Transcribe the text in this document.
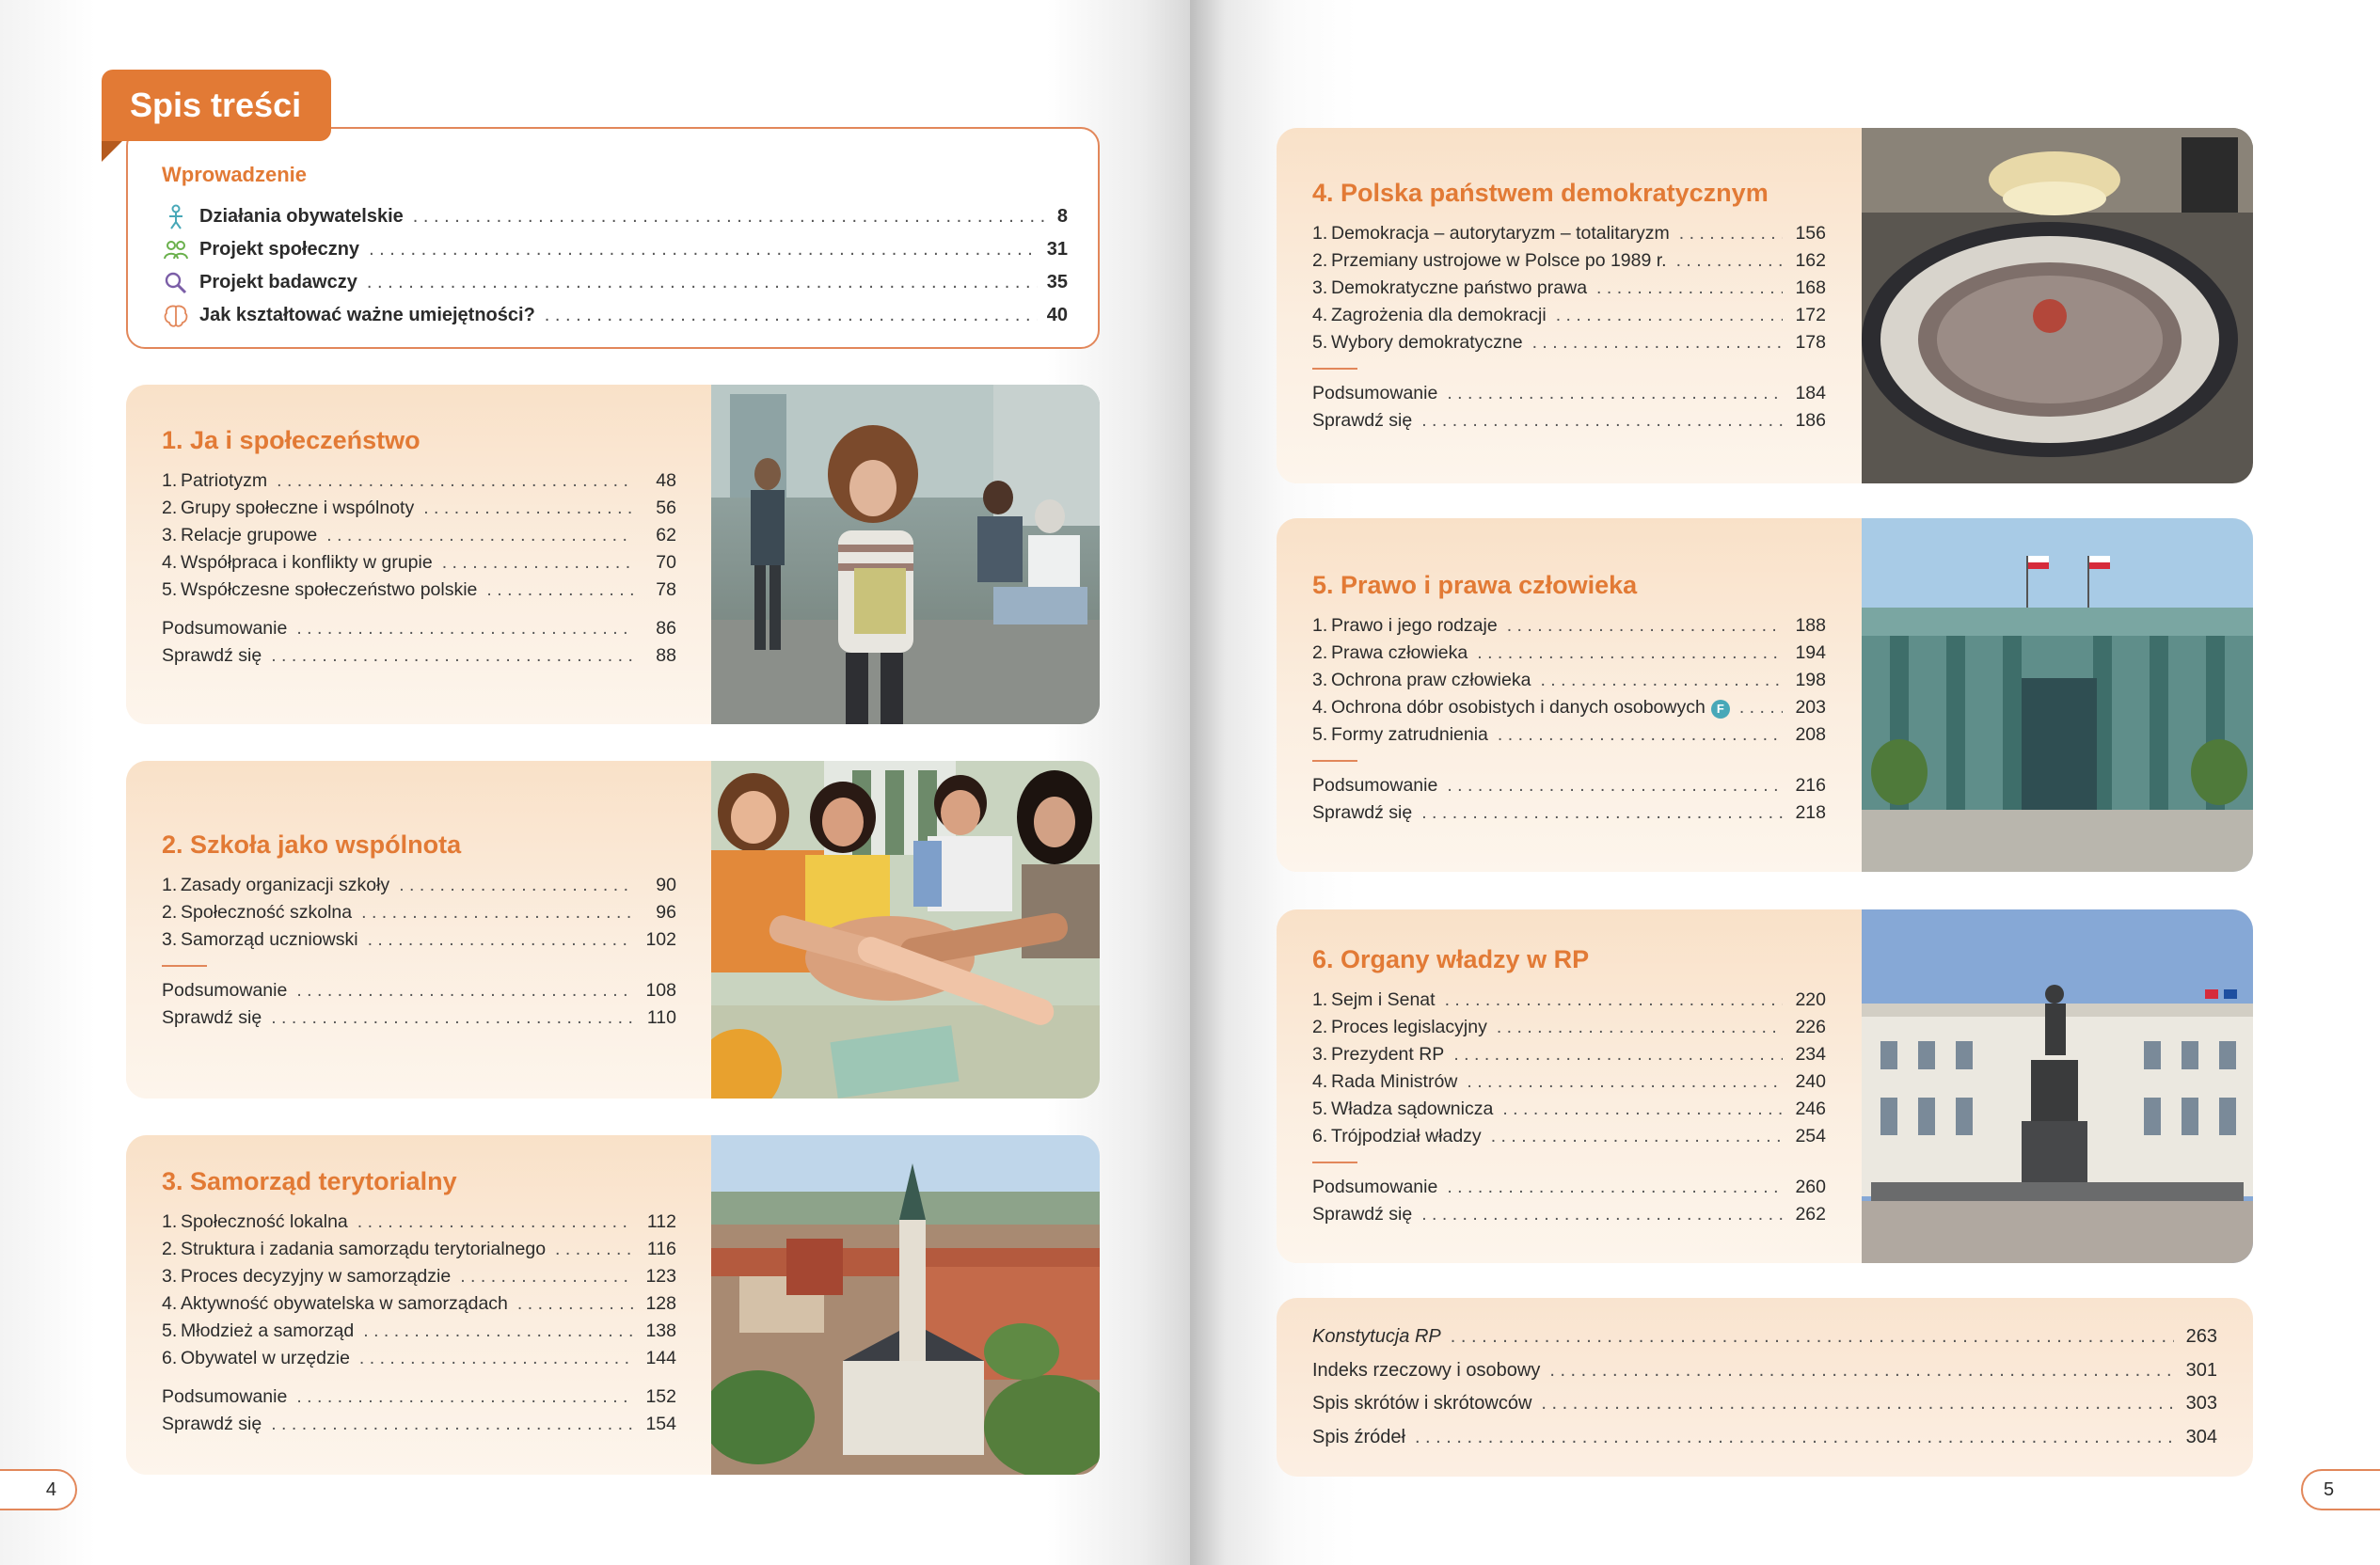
Spis treści
Wprowadzenie
Działania obywatelskie . . .	8
Projekt społeczny . . .	31
Projekt badawczy . . .	35
Jak kształtować ważne umiejętności? . . .	40
1. Ja i społeczeństwo
1. Patriotyzm . . .	48
2. Grupy społeczne i wspólnoty . . .	56
3. Relacje grupowe . . .	62
4. Współpraca i konflikty w grupie . . .	70
5. Współczesne społeczeństwo polskie . . .	78
Podsumowanie . . .	86
Sprawdź się . . .	88
2. Szkoła jako wspólnota
1. Zasady organizacji szkoły . . .	90
2. Społeczność szkolna . . .	96
3. Samorząd uczniowski . . .	102
Podsumowanie . . .	108
Sprawdź się . . .	110
3. Samorząd terytorialny
1. Społeczność lokalna . . .	112
2. Struktura i zadania samorządu terytorialnego . . .	116
3. Proces decyzyjny w samorządzie . . .	123
4. Aktywność obywatelska w samorządach . . .	128
5. Młodzież a samorząd . . .	138
6. Obywatel w urzędzie . . .	144
Podsumowanie . . .	152
Sprawdź się . . .	154
4. Polska państwem demokratycznym
1. Demokracja – autorytaryzm – totalitaryzm . . .	156
2. Przemiany ustrojowe w Polsce po 1989 r. . . .	162
3. Demokratyczne państwo prawa . . .	168
4. Zagrożenia dla demokracji . . .	172
5. Wybory demokratyczne . . .	178
Podsumowanie . . .	184
Sprawdź się . . .	186
5. Prawo i prawa człowieka
1. Prawo i jego rodzaje . . .	188
2. Prawa człowieka . . .	194
3. Ochrona praw człowieka . . .	198
4. Ochrona dóbr osobistych i danych osobowych F . . .	203
5. Formy zatrudnienia . . .	208
Podsumowanie . . .	216
Sprawdź się . . .	218
6. Organy władzy w RP
1. Sejm i Senat . . .	220
2. Proces legislacyjny . . .	226
3. Prezydent RP . . .	234
4. Rada Ministrów . . .	240
5. Władza sądownicza . . .	246
6. Trójpodział władzy . . .	254
Podsumowanie . . .	260
Sprawdź się . . .	262
Konstytucja RP . . .	263
Indeks rzeczowy i osobowy . . .	301
Spis skrótów i skrótowców . . .	303
Spis źródeł . . .	304
4	5
